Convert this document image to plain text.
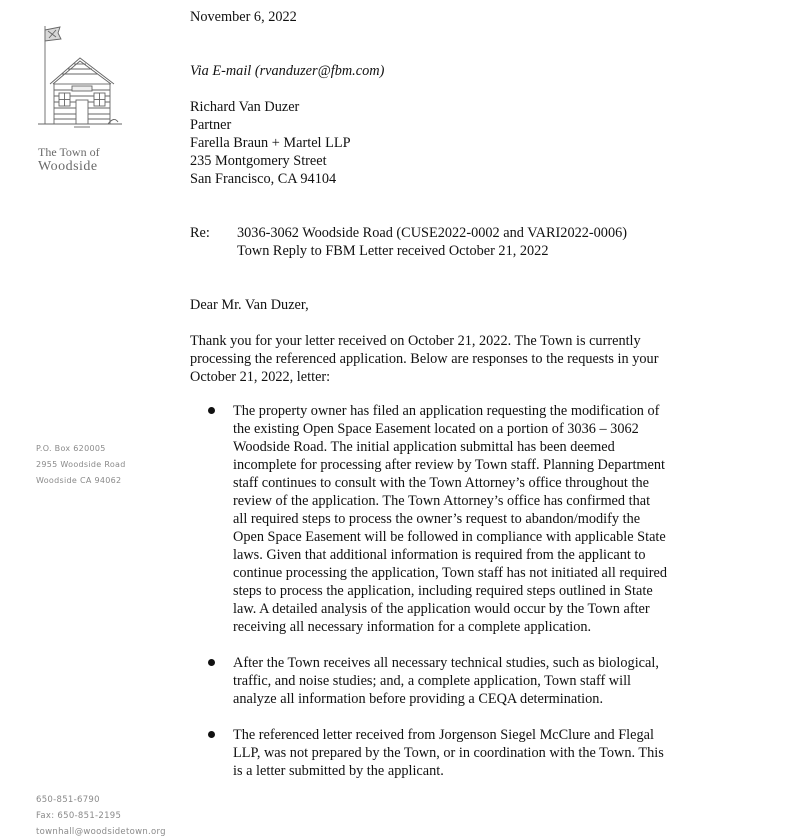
The Town of
Woodside
P.O. Box 620005
2955 Woodside Road
Woodside CA 94062
650-851-6790
Fax: 650-851-2195
townhall@woodsidetown.org
November 6, 2022
Via E-mail (rvanduzer@fbm.com)
Richard Van Duzer
Partner
Farella Braun + Martel LLP
235 Montgomery Street
San Francisco, CA 94104
Re: 3036-3062 Woodside Road (CUSE2022-0002 and VARI2022-0006)
Town Reply to FBM Letter received October 21, 2022
Dear Mr. Van Duzer,
Thank you for your letter received on October 21, 2022. The Town is currently
processing the referenced application. Below are responses to the requests in your
October 21, 2022, letter:
The property owner has filed an application requesting the modification of
the existing Open Space Easement located on a portion of 3036 – 3062
Woodside Road. The initial application submittal has been deemed
incomplete for processing after review by Town staff. Planning Department
staff continues to consult with the Town Attorney’s office throughout the
review of the application. The Town Attorney’s office has confirmed that
all required steps to process the owner’s request to abandon/modify the
Open Space Easement will be followed in compliance with applicable State
laws. Given that additional information is required from the applicant to
continue processing the application, Town staff has not initiated all required
steps to process the application, including required steps outlined in State
law. A detailed analysis of the application would occur by the Town after
receiving all necessary information for a complete application.
After the Town receives all necessary technical studies, such as biological,
traffic, and noise studies; and, a complete application, Town staff will
analyze all information before providing a CEQA determination.
The referenced letter received from Jorgenson Siegel McClure and Flegal
LLP, was not prepared by the Town, or in coordination with the Town. This
is a letter submitted by the applicant.
